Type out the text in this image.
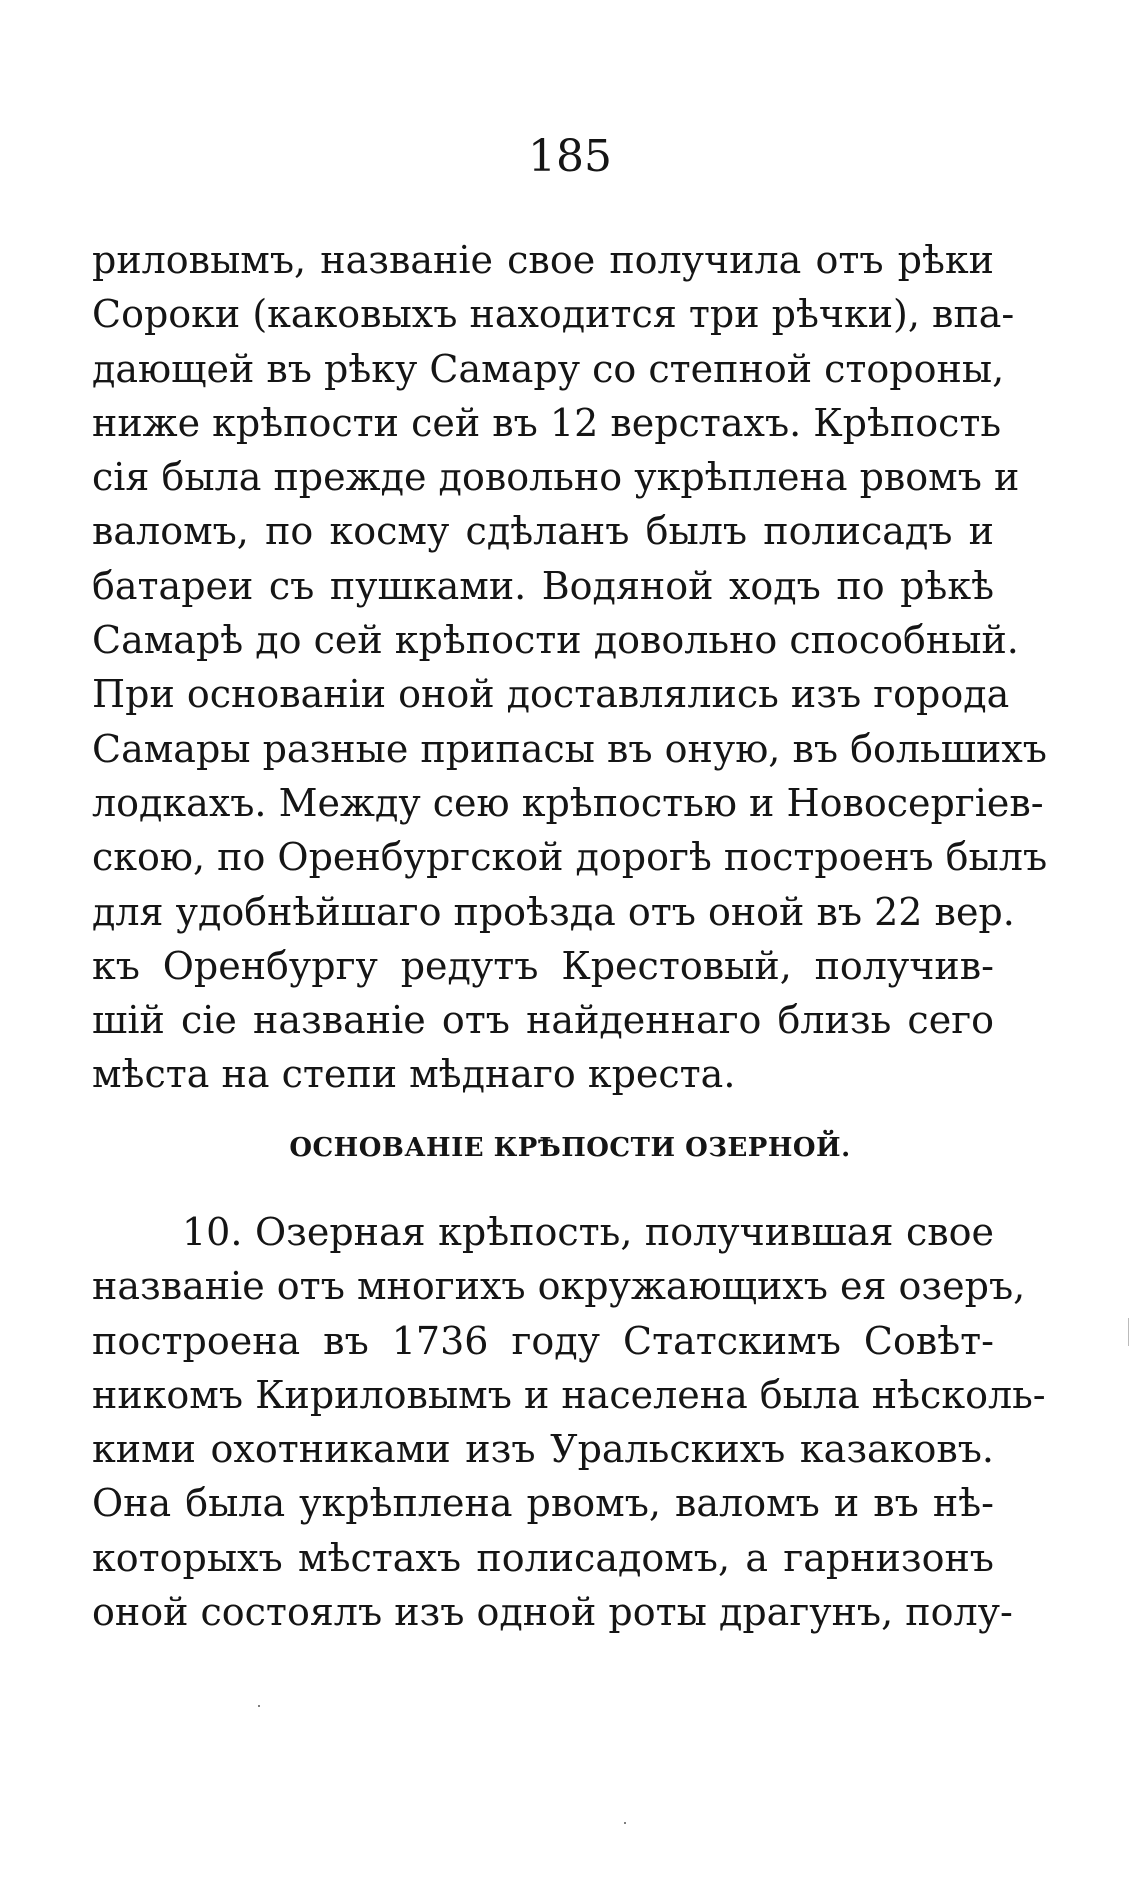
185
риловымъ, названіе свое получила отъ рѣки
Сороки (каковыхъ находится три рѣчки), впа-
дающей въ рѣку Самару со степной стороны,
ниже крѣпости сей въ 12 верстахъ. Крѣпость
сія была прежде довольно укрѣплена рвомъ и
валомъ, по косму сдѣланъ былъ полисадъ и
батареи съ пушками. Водяной ходъ по рѣкѣ
Самарѣ до сей крѣпости довольно способный.
При основаніи оной доставлялись изъ города
Самары разные припасы въ оную, въ большихъ
лодкахъ. Между сею крѣпостью и Новосергіев-
скою, по Оренбургской дорогѣ построенъ былъ
для удобнѣйшаго проѣзда отъ оной въ 22 вер.
къ Оренбургу редутъ Крестовый, получив-
шій сіе названіе отъ найденнаго близь сего
мѣста на степи мѣднаго креста.
ОСНОВАНІЕ КРѢПОСТИ ОЗЕРНОЙ.
10. Озерная крѣпость, получившая свое
названіе отъ многихъ окружающихъ ея озеръ,
построена въ 1736 году Статскимъ Совѣт-
никомъ Кириловымъ и населена была нѣсколь-
кими охотниками изъ Уральскихъ казаковъ.
Она была укрѣплена рвомъ, валомъ и въ нѣ-
которыхъ мѣстахъ полисадомъ, а гарнизонъ
оной состоялъ изъ одной роты драгунъ, полу-
